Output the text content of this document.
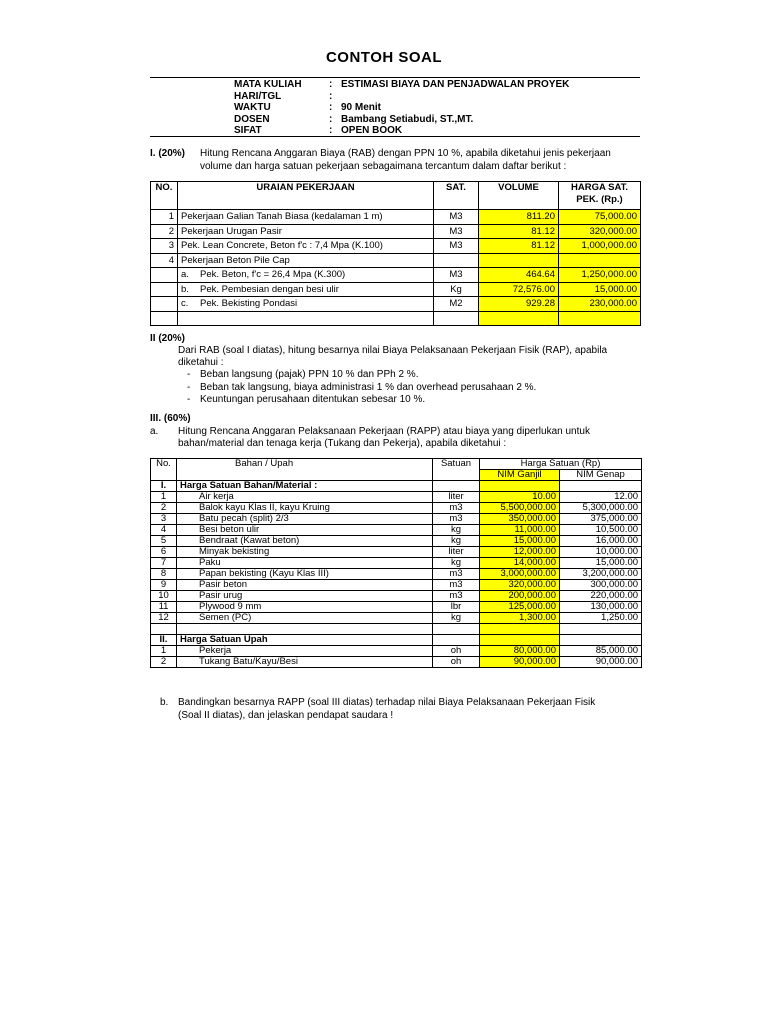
CONTOH SOAL
MATA KULIAH	: ESTIMASI BIAYA DAN PENJADWALAN PROYEK
HARI/TGL	:
WAKTU	: 90 Menit
DOSEN	: Bambang Setiabudi, ST.,MT.
SIFAT	: OPEN BOOK
I. (20%) Hitung Rencana Anggaran Biaya (RAB) dengan PPN 10 %, apabila diketahui jenis pekerjaan
volume dan harga satuan pekerjaan sebagaimana tercantum dalam daftar berikut :
NO.	URAIAN PEKERJAAN	SAT.	VOLUME	HARGA SAT.
PEK. (Rp.)
1	Pekerjaan Galian Tanah Biasa (kedalaman 1 m)	M3	811.20	75,000.00
2	Pekerjaan Urugan Pasir	M3	81.12	320,000.00
3	Pek. Lean Concrete, Beton f'c : 7,4 Mpa (K.100)	M3	81.12	1,000,000.00
4	Pekerjaan Beton Pile Cap			
	a. Pek. Beton, f'c = 26,4 Mpa (K.300)	M3	464.64	1,250,000.00
	b. Pek. Pembesian dengan besi ulir	Kg	72,576.00	15,000.00
	c. Pek. Bekisting Pondasi	M2	929.28	230,000.00

II (20%)
Dari RAB (soal I diatas), hitung besarnya nilai Biaya Pelaksanaan Pekerjaan Fisik (RAP), apabila
diketahui :
- Beban langsung (pajak) PPN 10 % dan PPh 2 %.
- Beban tak langsung, biaya administrasi 1 % dan overhead perusahaan 2 %.
- Keuntungan perusahaan ditentukan sebesar 10 %.
III. (60%)
a. Hitung Rencana Anggaran Pelaksanaan Pekerjaan (RAPP) atau biaya yang diperlukan untuk
bahan/material dan tenaga kerja (Tukang dan Pekerja), apabila diketahui :
No.	Bahan / Upah	Satuan	Harga Satuan (Rp)	
			NIM Ganjil	NIM Genap
I.	Harga Satuan Bahan/Material :			
1	Air kerja	liter	10.00	12.00
2	Balok kayu Klas II, kayu Kruing	m3	5,500,000.00	5,300,000.00
3	Batu pecah (split) 2/3	m3	350,000.00	375,000.00
4	Besi beton ulir	kg	11,000.00	10,500.00
5	Bendraat (Kawat beton)	kg	15,000.00	16,000.00
6	Minyak bekisting	liter	12,000.00	10,000.00
7	Paku	kg	14,000.00	15,000.00
8	Papan bekisting (Kayu Klas III)	m3	3,000,000.00	3,200,000.00
9	Pasir beton	m3	320,000.00	300,000.00
10	Pasir urug	m3	200,000.00	220,000.00
11	Plywood 9 mm	lbr	125,000.00	130,000.00
12	Semen (PC)	kg	1,300.00	1,250.00

II.	Harga Satuan Upah			
1	Pekerja	oh	80,000.00	85,000.00
2	Tukang Batu/Kayu/Besi	oh	90,000.00	90,000.00
b. Bandingkan besarnya RAPP (soal III diatas) terhadap nilai Biaya Pelaksanaan Pekerjaan Fisik
(Soal II diatas), dan jelaskan pendapat saudara !
